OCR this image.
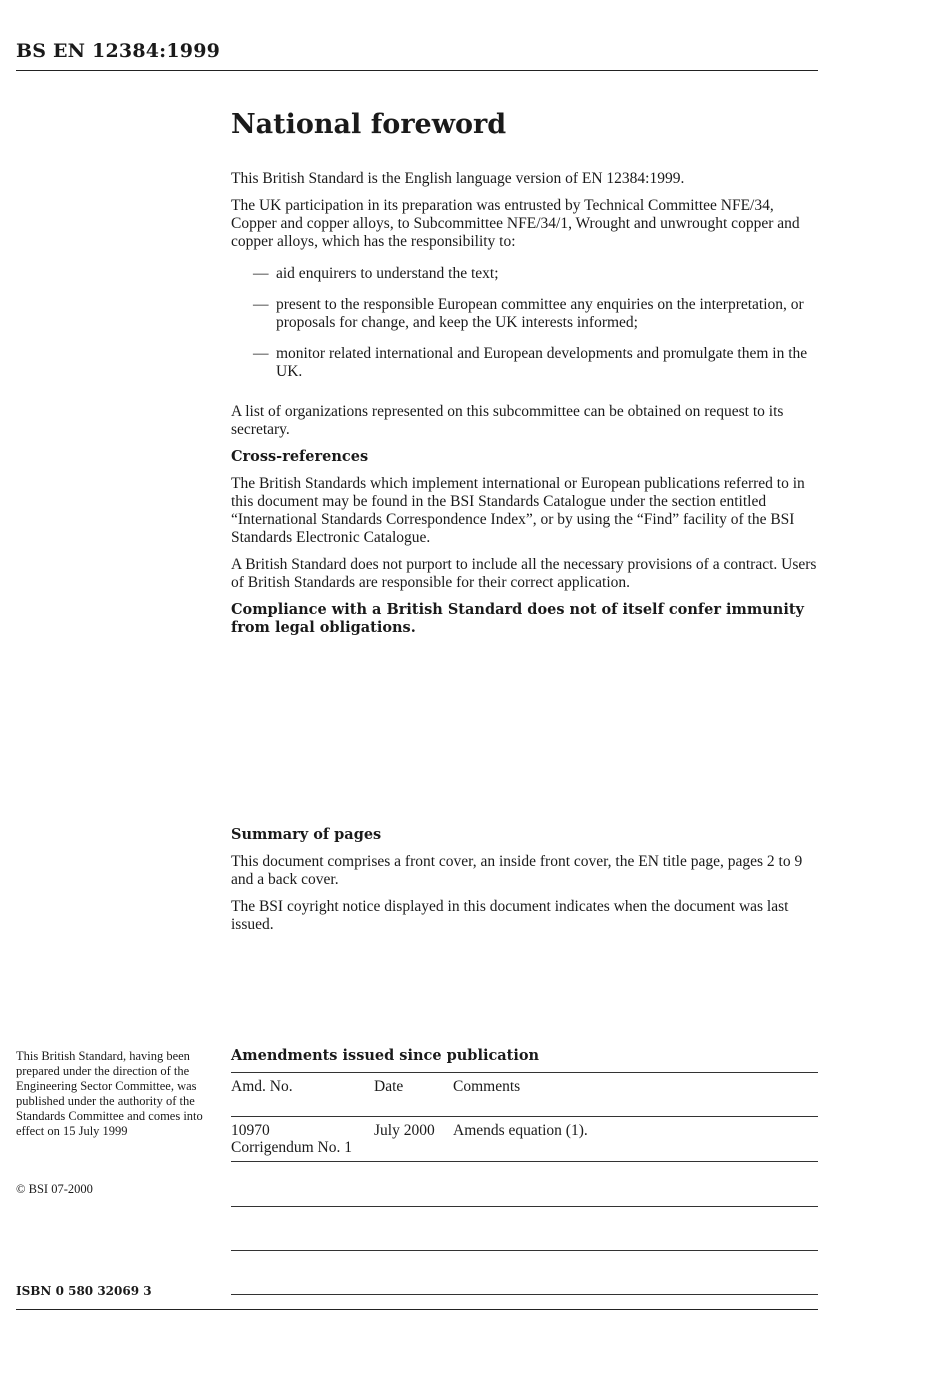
BS EN 12384:1999
National foreword

This British Standard is the English language version of EN 12384:1999.

The UK participation in its preparation was entrusted by Technical Committee NFE/34, Copper and copper alloys, to Subcommittee NFE/34/1, Wrought and unwrought copper and copper alloys, which has the responsibility to:

— aid enquirers to understand the text;
— present to the responsible European committee any enquiries on the interpretation, or proposals for change, and keep the UK interests informed;
— monitor related international and European developments and promulgate them in the UK.

A list of organizations represented on this subcommittee can be obtained on request to its secretary.

Cross-references

The British Standards which implement international or European publications referred to in this document may be found in the BSI Standards Catalogue under the section entitled “International Standards Correspondence Index”, or by using the “Find” facility of the BSI Standards Electronic Catalogue.

A British Standard does not purport to include all the necessary provisions of a contract. Users of British Standards are responsible for their correct application.

Compliance with a British Standard does not of itself confer immunity from legal obligations.

Summary of pages

This document comprises a front cover, an inside front cover, the EN title page, pages 2 to 9 and a back cover.

The BSI coyright notice displayed in this document indicates when the document was last issued.

This British Standard, having been prepared under the direction of the Engineering Sector Committee, was published under the authority of the Standards Committee and comes into effect on 15 July 1999
© BSI 07-2000
ISBN 0 580 32069 3
Amendments issued since publication
Amd. No.	Date	Comments
10970
Corrigendum No. 1
July 2000 Amends equation (1).
